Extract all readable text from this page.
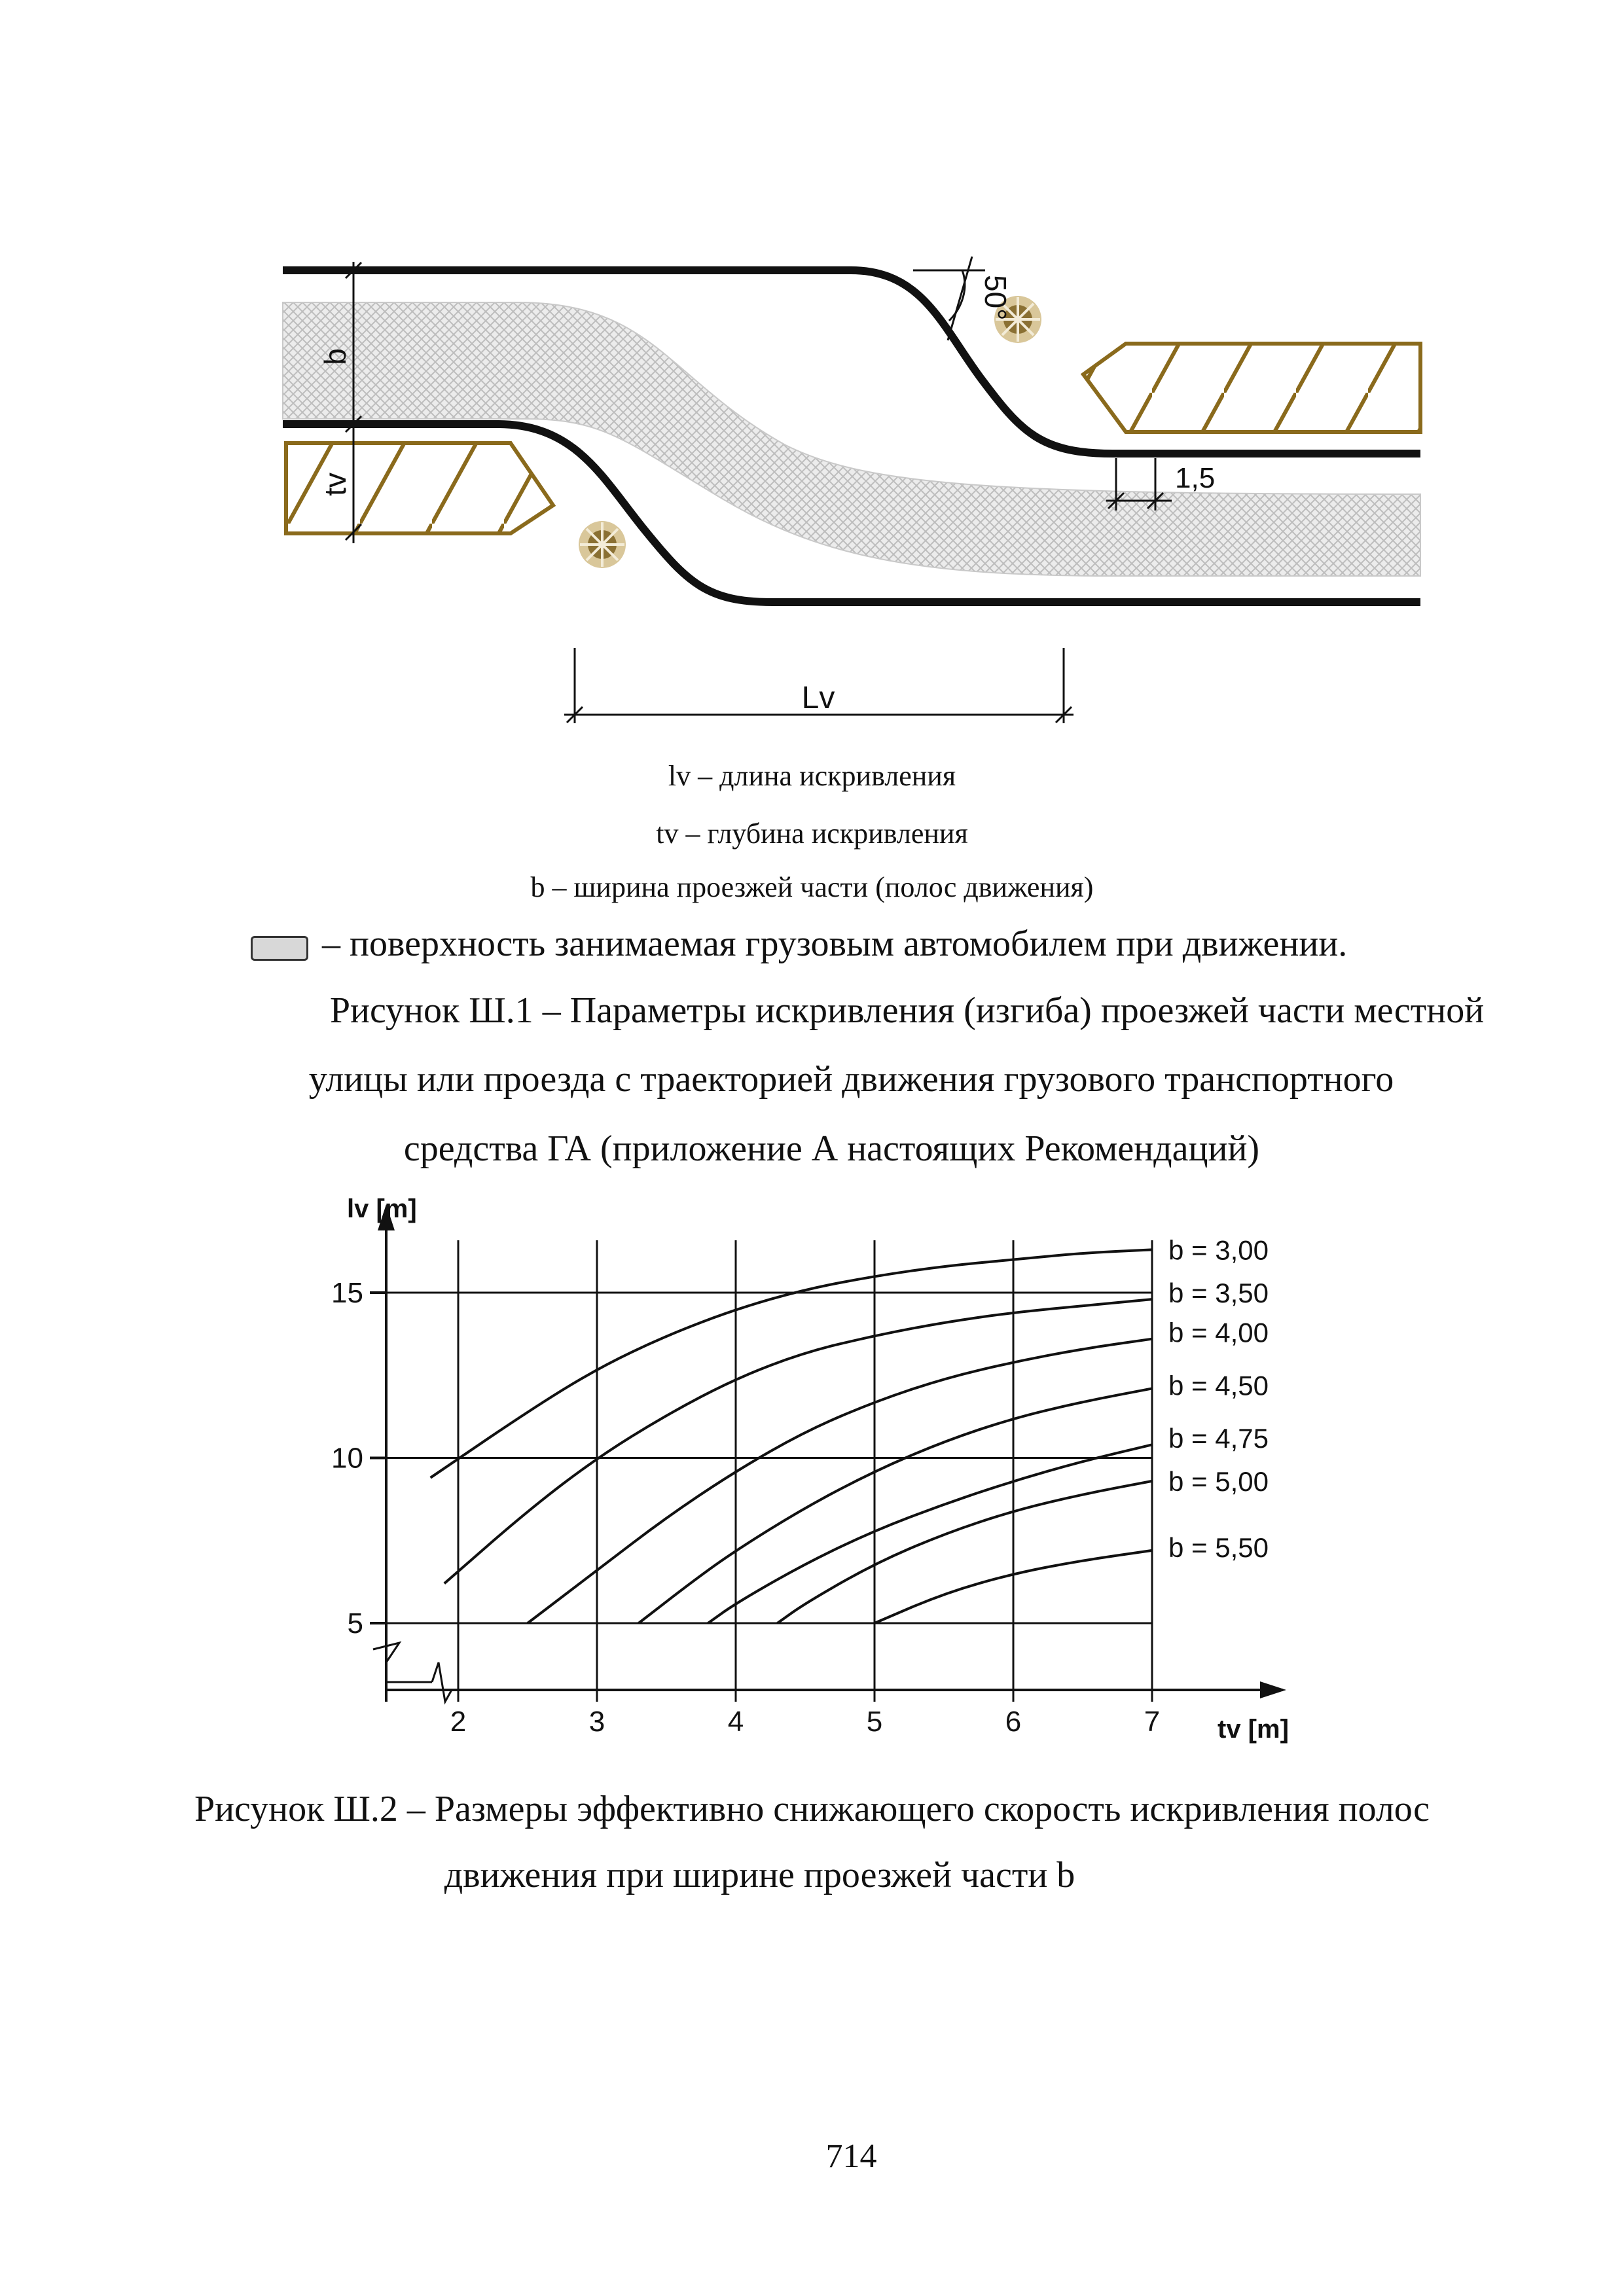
b
tv
50°
1,5
Lv
lv – длина искривления
tv – глубина искривления
b – ширина проезжей части (полос движения)
– поверхность занимаемая грузовым автомобилем при движении.
Рисунок Ш.1 – Параметры искривления (изгиба) проезжей части местной
улицы или проезда с траекторией движения грузового транспортного
средства ГА (приложение А настоящих Рекомендаций)
2	3	4	5	6	7
5
10
15
b = 3,00
b = 3,50
b = 4,00
b = 4,50
b = 4,75
b = 5,00
b = 5,50
lv [m]
tv [m]
Рисунок Ш.2 – Размеры эффективно снижающего скорость искривления полос
движения при ширине проезжей части b
714
